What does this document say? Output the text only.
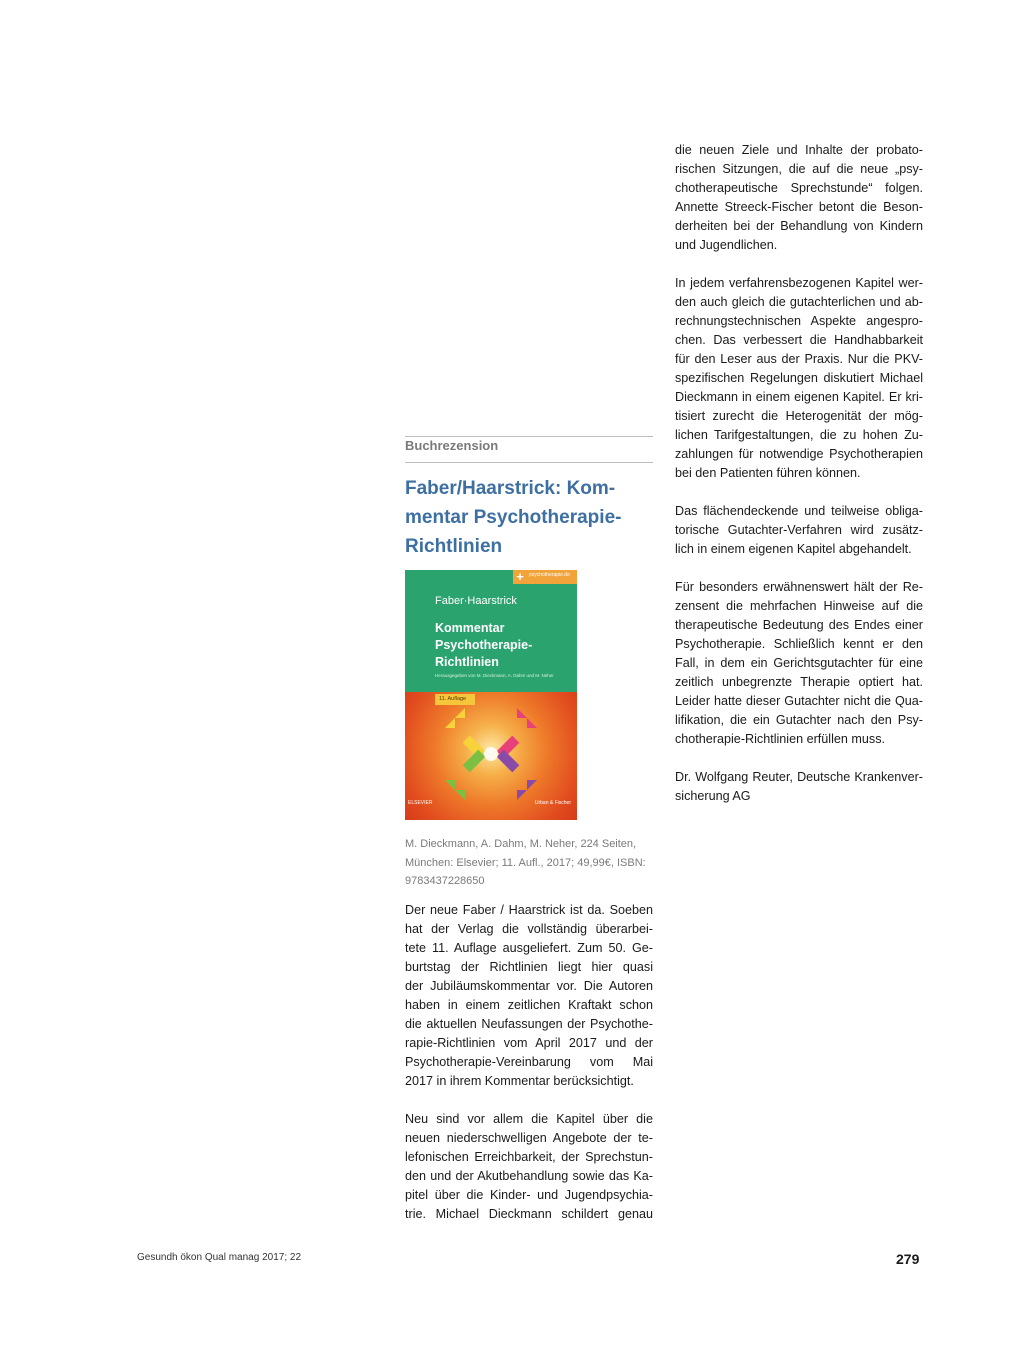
Buchrezension
Faber/Haarstrick: Kom-
mentar Psychotherapie-
Richtlinien
+	psychotherapie.de
Faber·Haarstrick
Kommentar
Psychotherapie-
Richtlinien
Herausgegeben von M. Dieckmann, A. Dahm und M. Neher
11. Auflage
ELSEVIER	Urban & Fischer
M. Dieckmann, A. Dahm, M. Neher, 224 Seiten,
München: Elsevier; 11. Aufl., 2017; 49,99€, ISBN:
9783437228650
Der neue Faber / Haarstrick ist da. Soeben
hat der Verlag die vollständig überarbei-
tete 11. Auflage ausgeliefert. Zum 50. Ge-
burtstag der Richtlinien liegt hier quasi
der Jubiläumskommentar vor. Die Autoren
haben in einem zeitlichen Kraftakt schon
die aktuellen Neufassungen der Psychothe-
rapie-Richtlinien vom April 2017 und der
Psychotherapie-Vereinbarung vom Mai
2017 in ihrem Kommentar berücksichtigt.
Neu sind vor allem die Kapitel über die
neuen niederschwelligen Angebote der te-
lefonischen Erreichbarkeit, der Sprechstun-
den und der Akutbehandlung sowie das Ka-
pitel über die Kinder- und Jugendpsychia-
trie. Michael Dieckmann schildert genau
die neuen Ziele und Inhalte der probato-
rischen Sitzungen, die auf die neue „psy-
chotherapeutische Sprechstunde“ folgen.
Annette Streeck-Fischer betont die Beson-
derheiten bei der Behandlung von Kindern
und Jugendlichen.
In jedem verfahrensbezogenen Kapitel wer-
den auch gleich die gutachterlichen und ab-
rechnungstechnischen Aspekte angespro-
chen. Das verbessert die Handhabbarkeit
für den Leser aus der Praxis. Nur die PKV-
spezifischen Regelungen diskutiert Michael
Dieckmann in einem eigenen Kapitel. Er kri-
tisiert zurecht die Heterogenität der mög-
lichen Tarifgestaltungen, die zu hohen Zu-
zahlungen für notwendige Psychotherapien
bei den Patienten führen können.
Das flächendeckende und teilweise obliga-
torische Gutachter-Verfahren wird zusätz-
lich in einem eigenen Kapitel abgehandelt.
Für besonders erwähnenswert hält der Re-
zensent die mehrfachen Hinweise auf die
therapeutische Bedeutung des Endes einer
Psychotherapie. Schließlich kennt er den
Fall, in dem ein Gerichtsgutachter für eine
zeitlich unbegrenzte Therapie optiert hat.
Leider hatte dieser Gutachter nicht die Qua-
lifikation, die ein Gutachter nach den Psy-
chotherapie-Richtlinien erfüllen muss.
Dr. Wolfgang Reuter, Deutsche Krankenver-
sicherung AG
Gesundh ökon Qual manag 2017; 22	279
